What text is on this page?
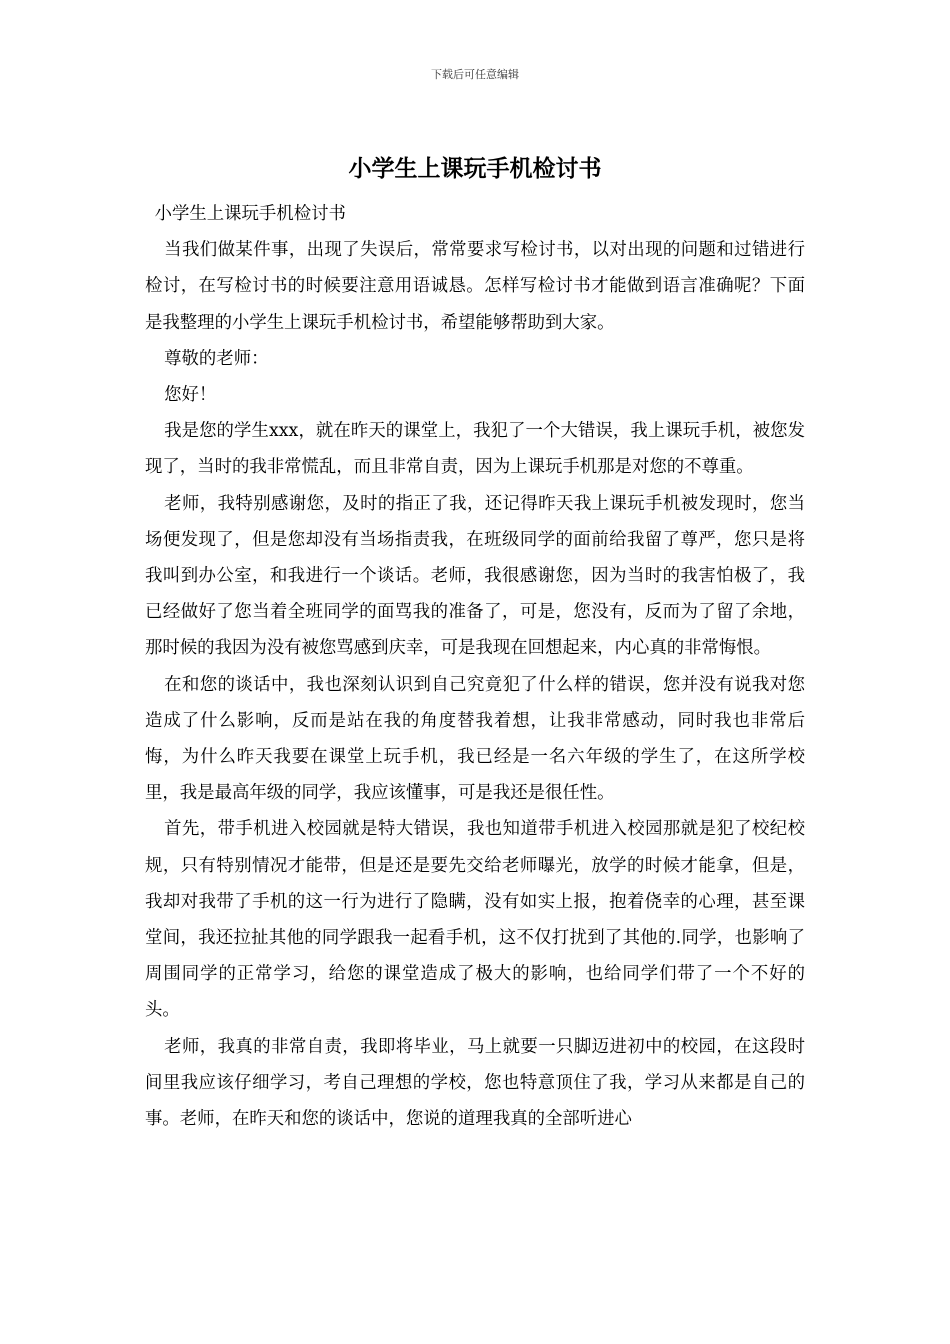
下载后可任意编辑
小学生上课玩手机检讨书

小学生上课玩手机检讨书

当我们做某件事，出现了失误后，常常要求写检讨书，以对出现的问题和过错进行检讨，在写检讨书的时候要注意用语诚恳。怎样写检讨书才能做到语言准确呢？下面是我整理的小学生上课玩手机检讨书，希望能够帮助到大家。

尊敬的老师：

您好！

我是您的学生xxx，就在昨天的课堂上，我犯了一个大错误，我上课玩手机，被您发现了，当时的我非常慌乱，而且非常自责，因为上课玩手机那是对您的不尊重。

老师，我特别感谢您，及时的指正了我，还记得昨天我上课玩手机被发现时，您当场便发现了，但是您却没有当场指责我，在班级同学的面前给我留了尊严，您只是将我叫到办公室，和我进行一个谈话。老师，我很感谢您，因为当时的我害怕极了，我已经做好了您当着全班同学的面骂我的准备了，可是，您没有，反而为了留了余地，那时候的我因为没有被您骂感到庆幸，可是我现在回想起来，内心真的非常悔恨。

在和您的谈话中，我也深刻认识到自己究竟犯了什么样的错误，您并没有说我对您造成了什么影响，反而是站在我的角度替我着想，让我非常感动，同时我也非常后悔，为什么昨天我要在课堂上玩手机，我已经是一名六年级的学生了，在这所学校里，我是最高年级的同学，我应该懂事，可是我还是很任性。

首先，带手机进入校园就是特大错误，我也知道带手机进入校园那就是犯了校纪校规，只有特别情况才能带，但是还是要先交给老师曝光，放学的时候才能拿，但是，我却对我带了手机的这一行为进行了隐瞒，没有如实上报，抱着侥幸的心理，甚至课堂间，我还拉扯其他的同学跟我一起看手机，这不仅打扰到了其他的.同学，也影响了周围同学的正常学习，给您的课堂造成了极大的影响，也给同学们带了一个不好的头。

老师，我真的非常自责，我即将毕业，马上就要一只脚迈进初中的校园，在这段时间里我应该仔细学习，考自己理想的学校，您也特意顶住了我，学习从来都是自己的事。老师，在昨天和您的谈话中，您说的道理我真的全部听进心
